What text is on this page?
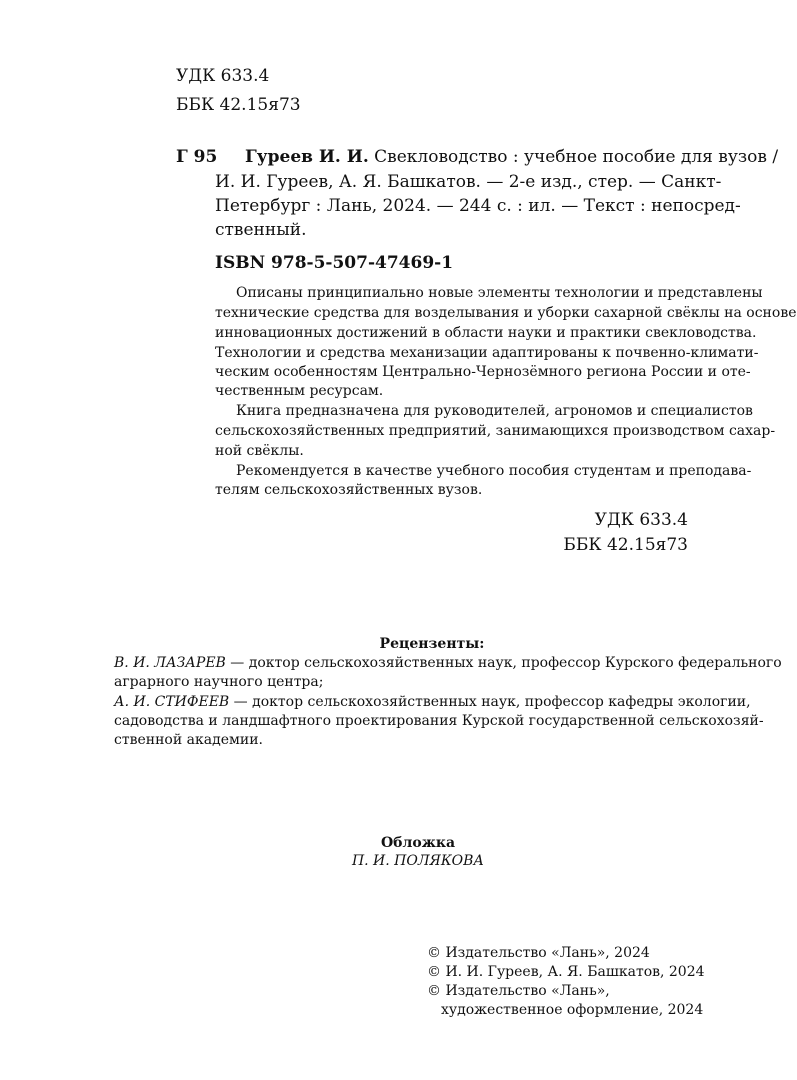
УДК 633.4
ББК 42.15я73
Г 95 Гуреев И. И. Свекловодство : учебное пособие для вузов /
И. И. Гуреев, А. Я. Башкатов. — 2-е изд., стер. — Санкт-
Петербург : Лань, 2024. — 244 с. : ил. — Текст : непосред-
ственный.
ISBN 978-5-507-47469-1
Описаны принципиально новые элементы технологии и представлены
технические средства для возделывания и уборки сахарной свёклы на основе
инновационных достижений в области науки и практики свекловодства.
Технологии и средства механизации адаптированы к почвенно-климати-
ческим особенностям Центрально-Чернозёмного региона России и оте-
чественным ресурсам.
Книга предназначена для руководителей, агрономов и специалистов
сельскохозяйственных предприятий, занимающихся производством сахар-
ной свёклы.
Рекомендуется в качестве учебного пособия студентам и преподава-
телям сельскохозяйственных вузов.
УДК 633.4
ББК 42.15я73
Рецензенты:
В. И. ЛАЗАРЕВ — доктор сельскохозяйственных наук, профессор Курского федерального
аграрного научного центра;
А. И. СТИФЕЕВ — доктор сельскохозяйственных наук, профессор кафедры экологии,
садоводства и ландшафтного проектирования Курской государственной сельскохозяй-
ственной академии.
Обложка
П. И. ПОЛЯКОВА
© Издательство «Лань», 2024
© И. И. Гуреев, А. Я. Башкатов, 2024
© Издательство «Лань»,
художественное оформление, 2024
